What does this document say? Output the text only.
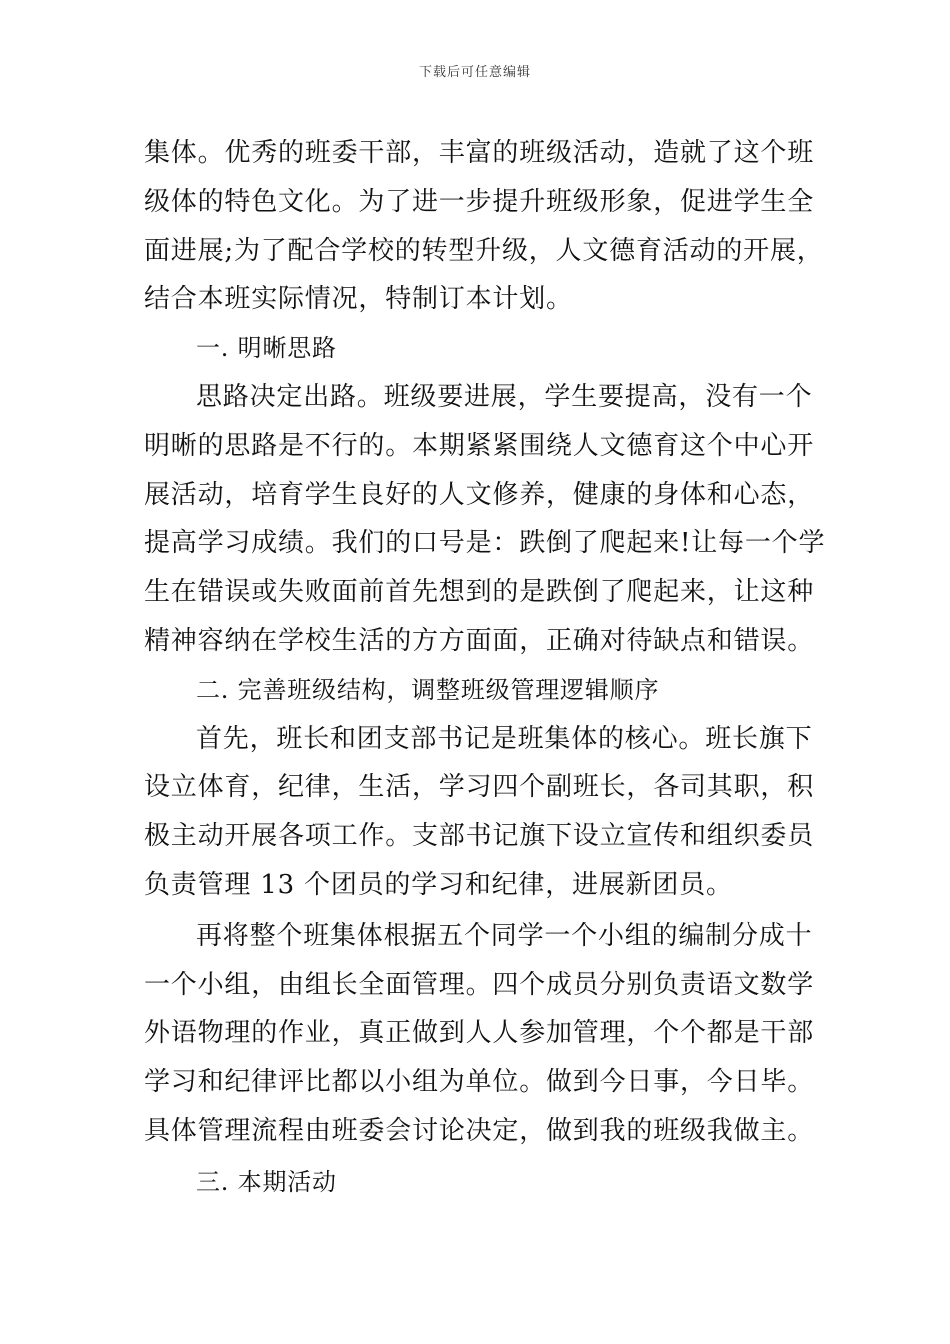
下载后可任意编辑
集体。优秀的班委干部，丰富的班级活动，造就了这个班
级体的特色文化。为了进一步提升班级形象，促进学生全
面进展;为了配合学校的转型升级，人文德育活动的开展，
结合本班实际情况，特制订本计划。
一. 明晰思路
思路决定出路。班级要进展，学生要提高，没有一个
明晰的思路是不行的。本期紧紧围绕人文德育这个中心开
展活动，培育学生良好的人文修养，健康的身体和心态，
提高学习成绩。我们的口号是：跌倒了爬起来!让每一个学
生在错误或失败面前首先想到的是跌倒了爬起来，让这种
精神容纳在学校生活的方方面面，正确对待缺点和错误。
二. 完善班级结构，调整班级管理逻辑顺序
首先，班长和团支部书记是班集体的核心。班长旗下
设立体育，纪律，生活，学习四个副班长，各司其职，积
极主动开展各项工作。支部书记旗下设立宣传和组织委员
负责管理 13 个团员的学习和纪律，进展新团员。
再将整个班集体根据五个同学一个小组的编制分成十
一个小组，由组长全面管理。四个成员分别负责语文数学
外语物理的作业，真正做到人人参加管理，个个都是干部
学习和纪律评比都以小组为单位。做到今日事，今日毕。
具体管理流程由班委会讨论决定，做到我的班级我做主。
三. 本期活动
